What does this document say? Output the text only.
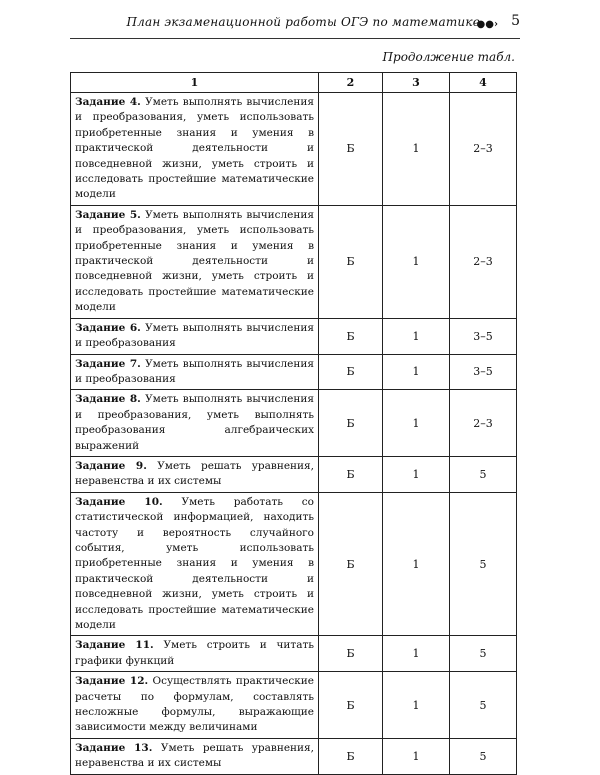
План экзаменационной работы ОГЭ по математике
●●› 5
Продолжение табл.
1	2	3	4
Задание 4. Уметь выполнять вычисления и преобразования, уметь использовать приобретенные знания и умения в практической деятельности и повседневной жизни, уметь строить и исследовать простейшие математические модели	Б	1	2–3
Задание 5. Уметь выполнять вычисления и преобразования, уметь использовать приобретенные знания и умения в практической деятельности и повседневной жизни, уметь строить и исследовать простейшие математические модели	Б	1	2–3
Задание 6. Уметь выполнять вычисления и преобразования	Б	1	3–5
Задание 7. Уметь выполнять вычисления и преобразования	Б	1	3–5
Задание 8. Уметь выполнять вычисления и преобразования, уметь выполнять преобразования алгебраических выражений	Б	1	2–3
Задание 9. Уметь решать уравнения, неравенства и их системы	Б	1	5
Задание 10. Уметь работать со статистической информацией, находить частоту и вероятность случайного события, уметь использовать приобретенные знания и умения в практической деятельности и повседневной жизни, уметь строить и исследовать простейшие математические модели	Б	1	5
Задание 11. Уметь строить и читать графики функций	Б	1	5
Задание 12. Осуществлять практические расчеты по формулам, составлять несложные формулы, выражающие зависимости между величинами	Б	1	5
Задание 13. Уметь решать уравнения, неравенства и их системы	Б	1	5
